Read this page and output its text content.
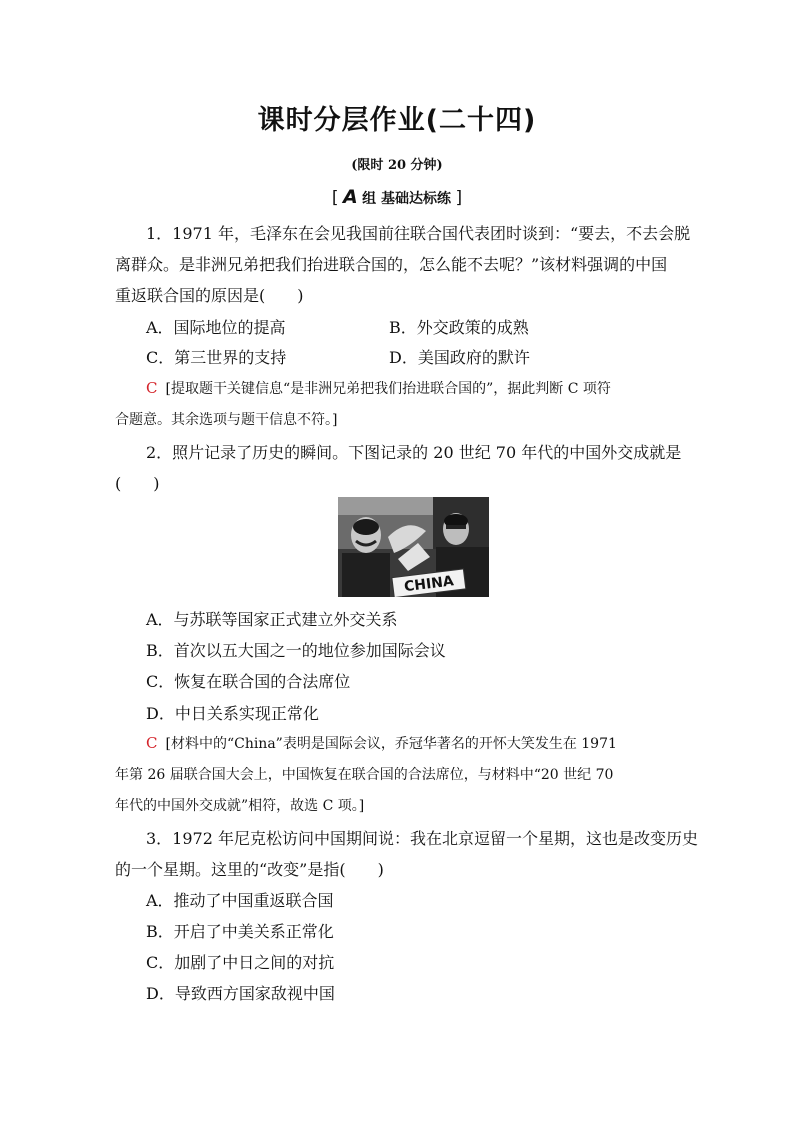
课时分层作业(二十四)
(限时 20 分钟)
[ A 组 基础达标练 ]
1．1971 年，毛泽东在会见我国前往联合国代表团时谈到：“要去，不去会脱
离群众。是非洲兄弟把我们抬进联合国的，怎么能不去呢？”该材料强调的中国
重返联合国的原因是(　　)
A．国际地位的提高	B．外交政策的成熟
C．第三世界的支持	D．美国政府的默许
C [提取题干关键信息“是非洲兄弟把我们抬进联合国的”，据此判断 C 项符
合题意。其余选项与题干信息不符。]
2．照片记录了历史的瞬间。下图记录的 20 世纪 70 年代的中国外交成就是
(　　)
CHINA
A．与苏联等国家正式建立外交关系
B．首次以五大国之一的地位参加国际会议
C．恢复在联合国的合法席位
D．中日关系实现正常化
C [材料中的“China”表明是国际会议，乔冠华著名的开怀大笑发生在 1971
年第 26 届联合国大会上，中国恢复在联合国的合法席位，与材料中“20 世纪 70
年代的中国外交成就”相符，故选 C 项。]
3．1972 年尼克松访问中国期间说：我在北京逗留一个星期，这也是改变历史
的一个星期。这里的“改变”是指(　　)
A．推动了中国重返联合国
B．开启了中美关系正常化
C．加剧了中日之间的对抗
D．导致西方国家敌视中国
